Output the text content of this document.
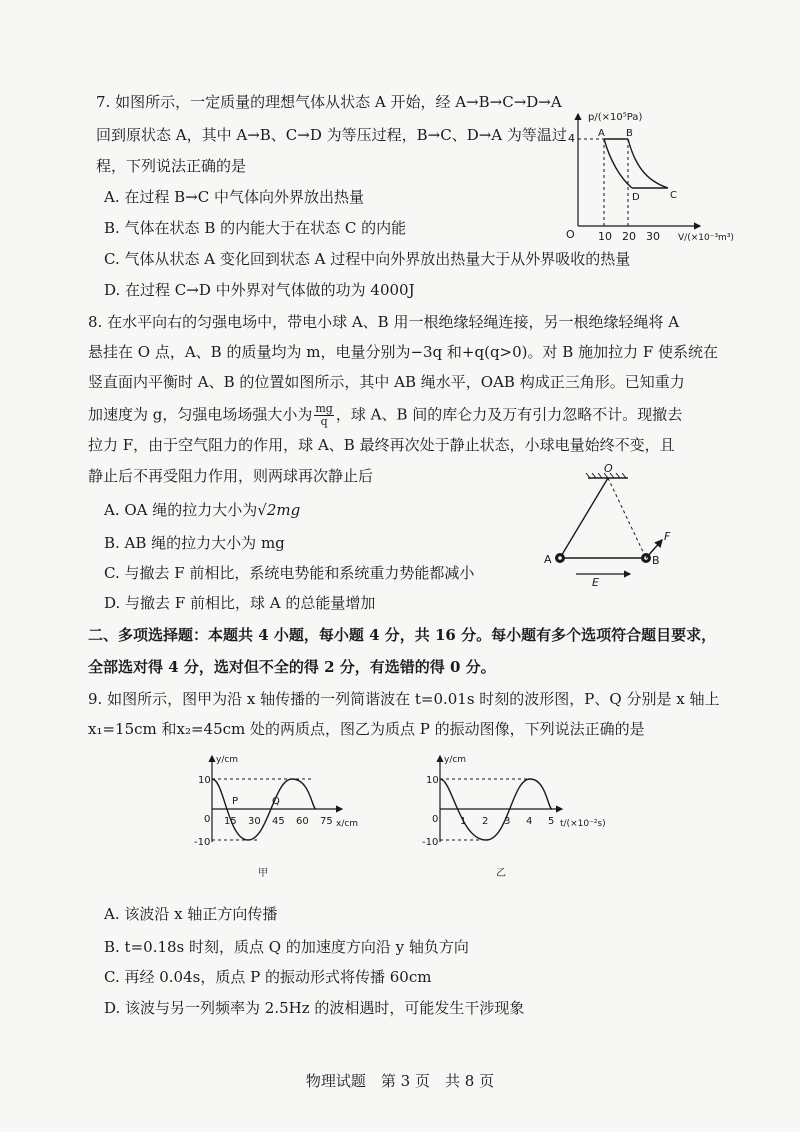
7. 如图所示，一定质量的理想气体从状态 A 开始，经 A→B→C→D→A
回到原状态 A，其中 A→B、C→D 为等压过程，B→C、D→A 为等温过
程，下列说法正确的是
A. 在过程 B→C 中气体向外界放出热量
B. 气体在状态 B 的内能大于在状态 C 的内能
C. 气体从状态 A 变化回到状态 A 过程中向外界放出热量大于从外界吸收的热量
D. 在过程 C→D 中外界对气体做的功为 4000J
p/(×10⁵Pa)
V/(×10⁻³m³)
4
O 10 20 30
A B
C
D
8. 在水平向右的匀强电场中，带电小球 A、B 用一根绝缘轻绳连接，另一根绝缘轻绳将 A
悬挂在 O 点，A、B 的质量均为 m，电量分别为−3q 和+q(q>0)。对 B 施加拉力 F 使系统在
竖直面内平衡时 A、B 的位置如图所示，其中 AB 绳水平，OAB 构成正三角形。已知重力
加速度为 g，匀强电场场强大小为 $\frac{mg}{q}$ ，球 A、B 间的库仑力及万有引力忽略不计。现撤去
拉力 F，由于空气阻力的作用，球 A、B 最终再次处于静止状态，小球电量始终不变，且
静止后不再受阻力作用，则两球再次静止后
A. OA 绳的拉力大小为√2mg
B. AB 绳的拉力大小为 mg
C. 与撤去 F 前相比，系统电势能和系统重力势能都减小
D. 与撤去 F 前相比，球 A 的总能量增加
O
A	B
F
E
二、多项选择题：本题共 4 小题，每小题 4 分，共 16 分。每小题有多个选项符合题目要求，
全部选对得 4 分，选对但不全的得 2 分，有选错的得 0 分。
9. 如图所示，图甲为沿 x 轴传播的一列简谐波在 t=0.01s 时刻的波形图，P、Q 分别是 x 轴上
x₁=15cm 和x₂=45cm 处的两质点，图乙为质点 P 的振动图像，下列说法正确的是
y/cm
x/cm
10
-10
0 15 30 45 60 75
P	Q
甲
y/cm
t/(×10⁻²s)
10
-10
0 1 2 3 4 5
乙
A. 该波沿 x 轴正方向传播
B. t=0.18s 时刻，质点 Q 的加速度方向沿 y 轴负方向
C. 再经 0.04s，质点 P 的振动形式将传播 60cm
D. 该波与另一列频率为 2.5Hz 的波相遇时，可能发生干涉现象
物理试题　第 3 页　共 8 页
